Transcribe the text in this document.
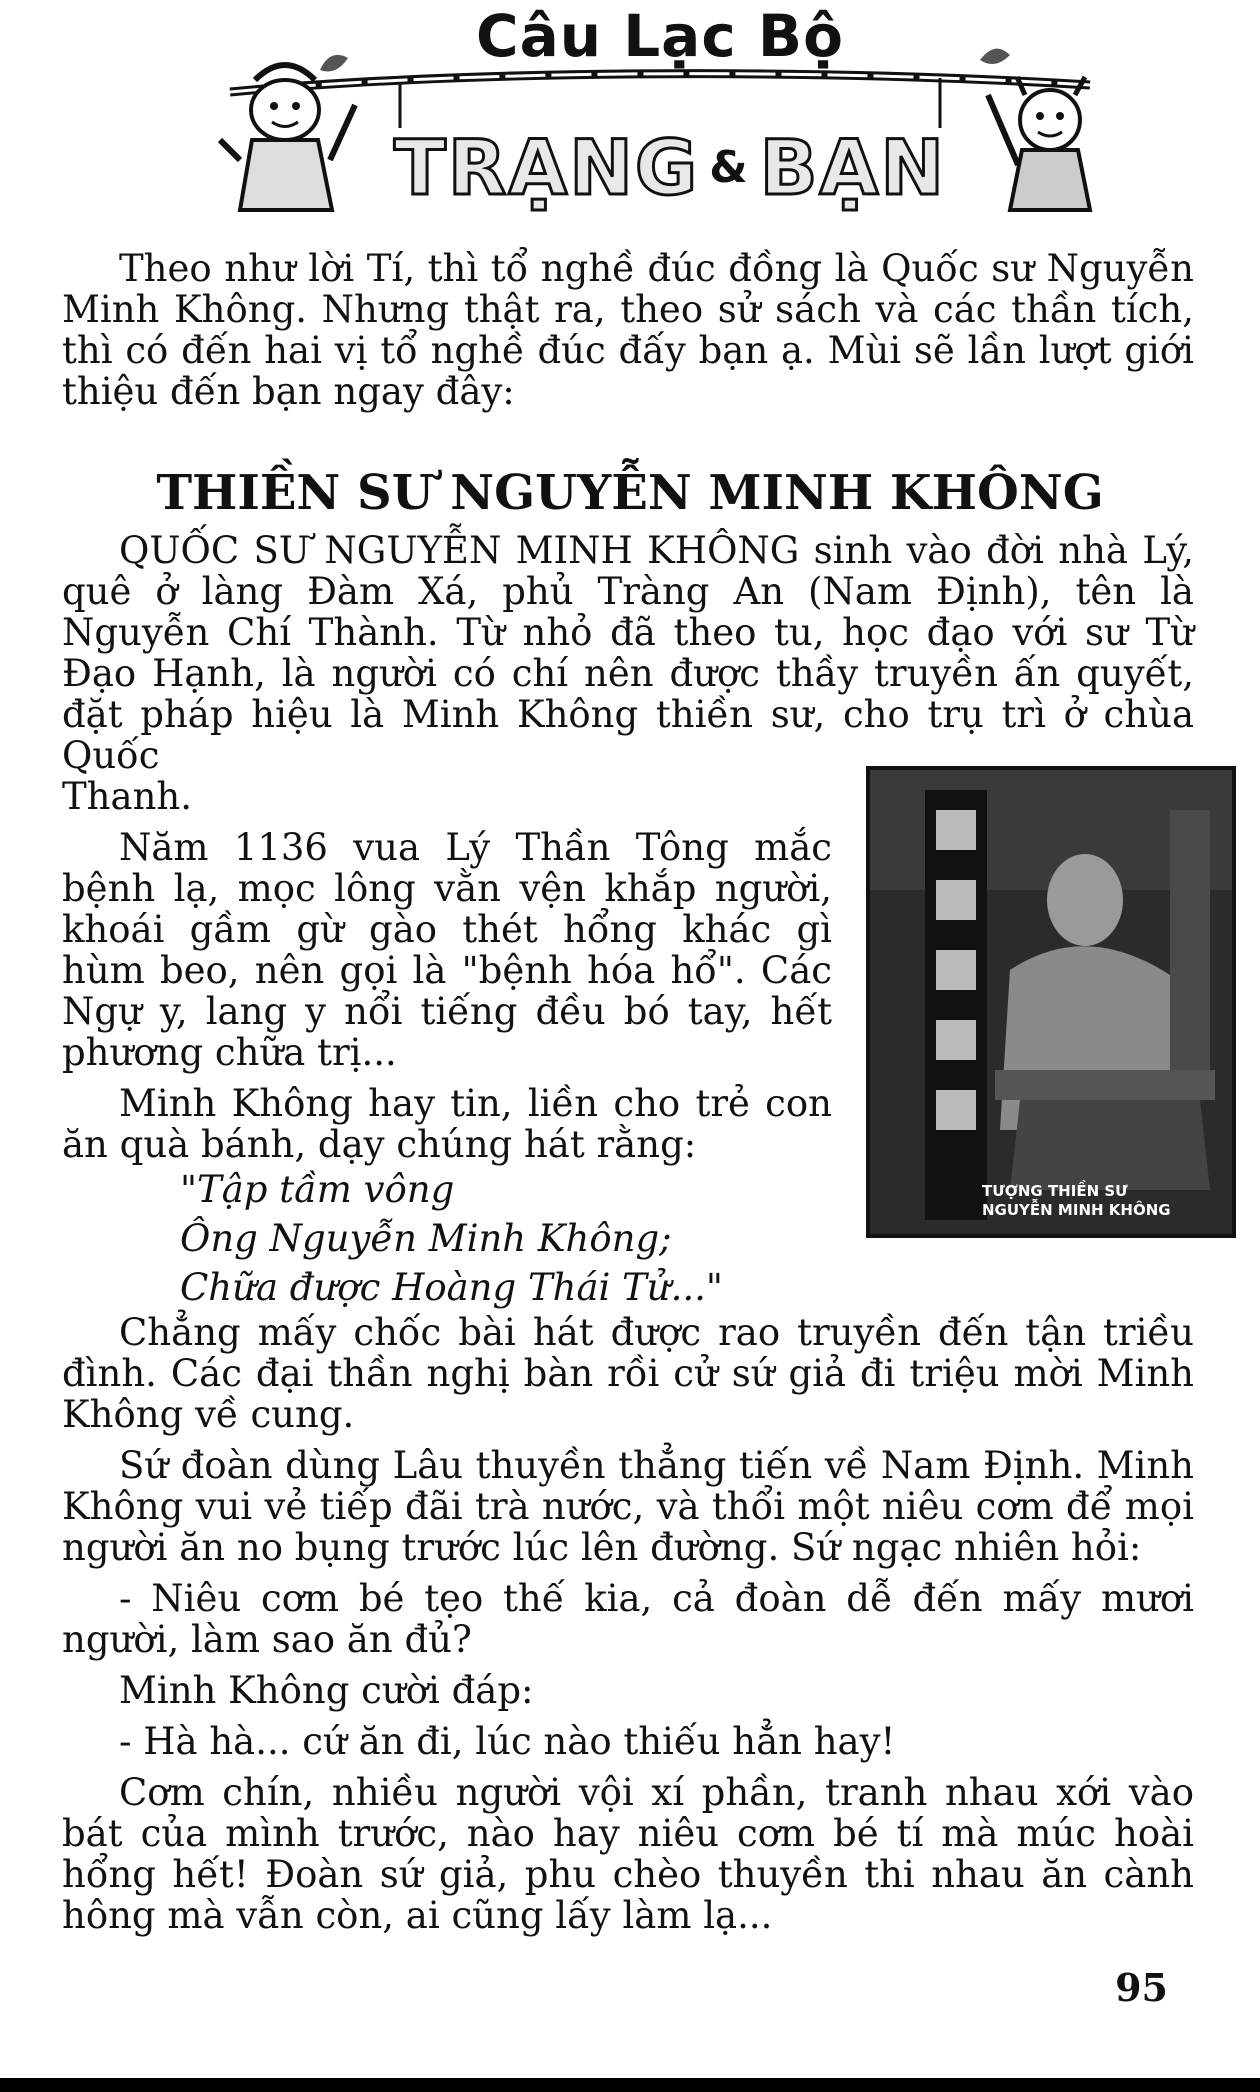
Câu Lạc Bộ
TRẠNG & BẠN

Theo như lời Tí, thì tổ nghề đúc đồng là Quốc sư Nguyễn Minh Không. Nhưng thật ra, theo sử sách và các thần tích, thì có đến hai vị tổ nghề đúc đấy bạn ạ. Mùi sẽ lần lượt giới thiệu đến bạn ngay đây:

THIỀN SƯ NGUYỄN MINH KHÔNG

QUỐC SƯ NGUYỄN MINH KHÔNG sinh vào đời nhà Lý, quê ở làng Đàm Xá, phủ Tràng An (Nam Định), tên là Nguyễn Chí Thành. Từ nhỏ đã theo tu, học đạo với sư Từ Đạo Hạnh, là người có chí nên được thầy truyền ấn quyết, đặt pháp hiệu là Minh Không thiền sư, cho trụ trì ở chùa Quốc

Thanh.

Năm 1136 vua Lý Thần Tông mắc bệnh lạ, mọc lông vằn vện khắp người, khoái gầm gừ gào thét hổng khác gì hùm beo, nên gọi là "bệnh hóa hổ". Các Ngự y, lang y nổi tiếng đều bó tay, hết phương chữa trị...

Minh Không hay tin, liền cho trẻ con ăn quà bánh, dạy chúng hát rằng:

"Tập tầm vông

Ông Nguyễn Minh Không;

Chữa được Hoàng Thái Tử..."

Chẳng mấy chốc bài hát được rao truyền đến tận triều đình. Các đại thần nghị bàn rồi cử sứ giả đi triệu mời Minh Không về cung.

Sứ đoàn dùng Lâu thuyền thẳng tiến về Nam Định. Minh Không vui vẻ tiếp đãi trà nước, và thổi một niêu cơm để mọi người ăn no bụng trước lúc lên đường. Sứ ngạc nhiên hỏi:

- Niêu cơm bé tẹo thế kia, cả đoàn dễ đến mấy mươi người, làm sao ăn đủ?

Minh Không cười đáp:

- Hà hà... cứ ăn đi, lúc nào thiếu hẳn hay!

Cơm chín, nhiều người vội xí phần, tranh nhau xới vào bát của mình trước, nào hay niêu cơm bé tí mà múc hoài hổng hết! Đoàn sứ giả, phu chèo thuyền thi nhau ăn cành hông mà vẫn còn, ai cũng lấy làm lạ...

TƯỢNG THIỀN SƯ
NGUYỄN MINH KHÔNG
95
